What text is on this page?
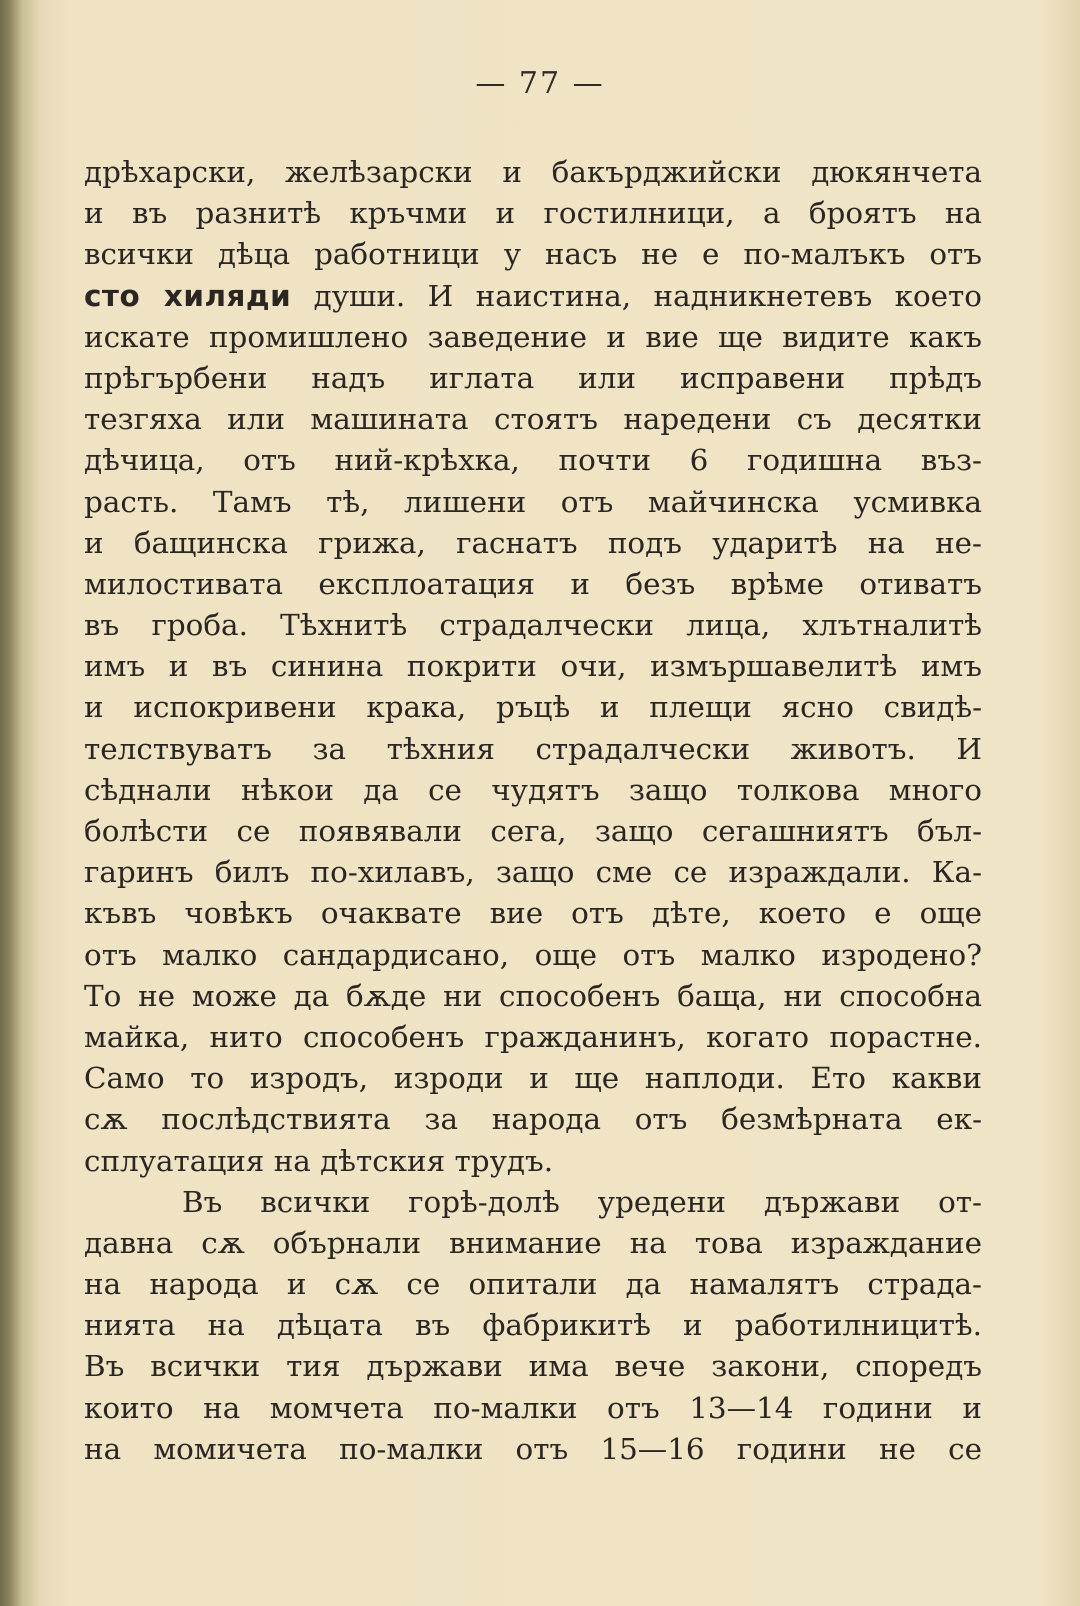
— 77 —
дрѣхарски, желѣзарски и бакърджийски дюкянчета
и въ разнитѣ кръчми и гостилници, а броятъ на
всички дѣца работници у насъ не е по-малъкъ отъ
сто хиляди души. И наистина, надникнетевъ което
искате промишлено заведение и вие ще видите какъ
прѣгърбени надъ иглата или исправени прѣдъ
тезгяха или машината стоятъ наредени съ десятки
дѣчица, отъ ний-крѣхка, почти 6 годишна въз-
расть. Тамъ тѣ, лишени отъ майчинска усмивка
и бащинска грижа, гаснатъ подъ ударитѣ на не-
милостивата експлоатация и безъ врѣме отиватъ
въ гроба. Тѣхнитѣ страдалчески лица, хлътналитѣ
имъ и въ синина покрити очи, измършавелитѣ имъ
и испокривени крака, ръцѣ и плещи ясно свидѣ-
телствуватъ за тѣхния страдалчески животъ. И
сѣднали нѣкои да се чудятъ защо толкова много
болѣсти се появявали сега, защо сегашниятъ бъл-
гаринъ билъ по-хилавъ, защо сме се израждали. Ка-
къвъ човѣкъ очаквате вие отъ дѣте, което е още
отъ малко сандардисано, още отъ малко изродено?
То не може да бѫде ни способенъ баща, ни способна
майка, нито способенъ гражданинъ, когато порастне.
Само то изродъ, изроди и ще наплоди. Ето какви
сѫ послѣдствията за народа отъ безмѣрната ек-
сплуатация на дѣтския трудъ.
Въ всички горѣ-долѣ уредени държави от-
давна сѫ обърнали внимание на това израждание
на народа и сѫ се опитали да намалятъ страда-
нията на дѣцата въ фабрикитѣ и работилницитѣ.
Въ всички тия държави има вече закони, споредъ
които на момчета по-малки отъ 13—14 години и
на момичета по-малки отъ 15—16 години не се
